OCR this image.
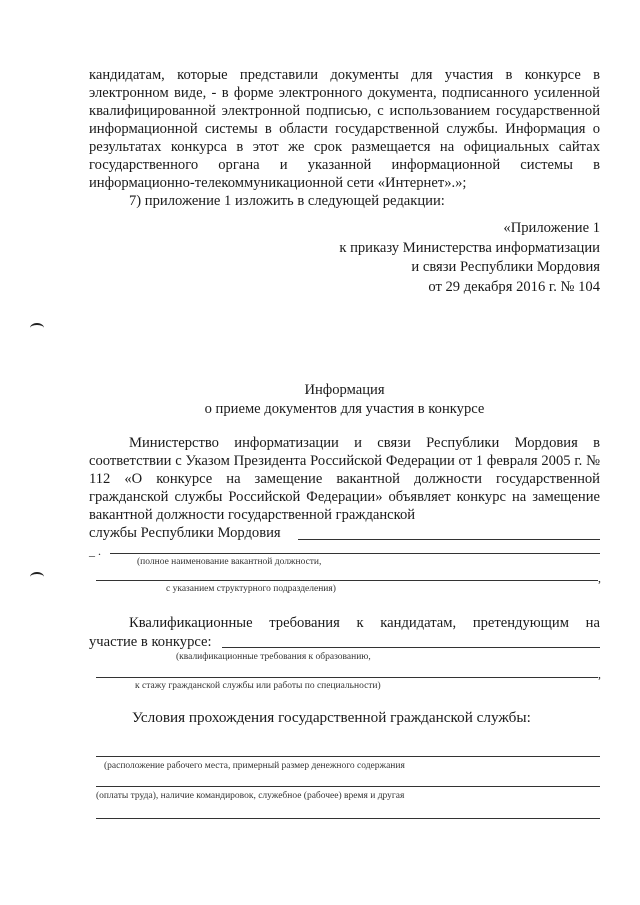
кандидатам, которые представили документы для участия в конкурсе в электронном виде, - в форме электронного документа, подписанного усиленной квалифицированной электронной подписью, с использованием государственной информационной системы в области государственной службы. Информация о результатах конкурса в этот же срок размещается на официальных сайтах государственного органа и указанной информационной системы в информационно-телекоммуникационной сети «Интернет».»;

7) приложение 1 изложить в следующей редакции:

«Приложение 1
к приказу Министерства информатизации
и связи Республики Мордовия
от 29 декабря 2016 г. № 104
Информация
о приеме документов для участия в конкурсе

Министерство информатизации и связи Республики Мордовия в соответствии с Указом Президента Российской Федерации от 1 февраля 2005 г. № 112 «О конкурсе на замещение вакантной должности государственной гражданской службы Российской Федерации» объявляет конкурс на замещение вакантной должности государственной гражданской

службы Республики Мордовия
_ .
(полное наименование вакантной должности,
,
с указанием структурного подразделения)
Квалификационные требования к кандидатам, претендующим на
участие в конкурсе:
(квалификационные требования к образованию,
,
к стажу гражданской службы или работы по специальности)
Условия прохождения государственной гражданской службы:
(расположение рабочего места, примерный размер денежного содержания
(оплаты труда), наличие командировок, служебное (рабочее) время и другая
